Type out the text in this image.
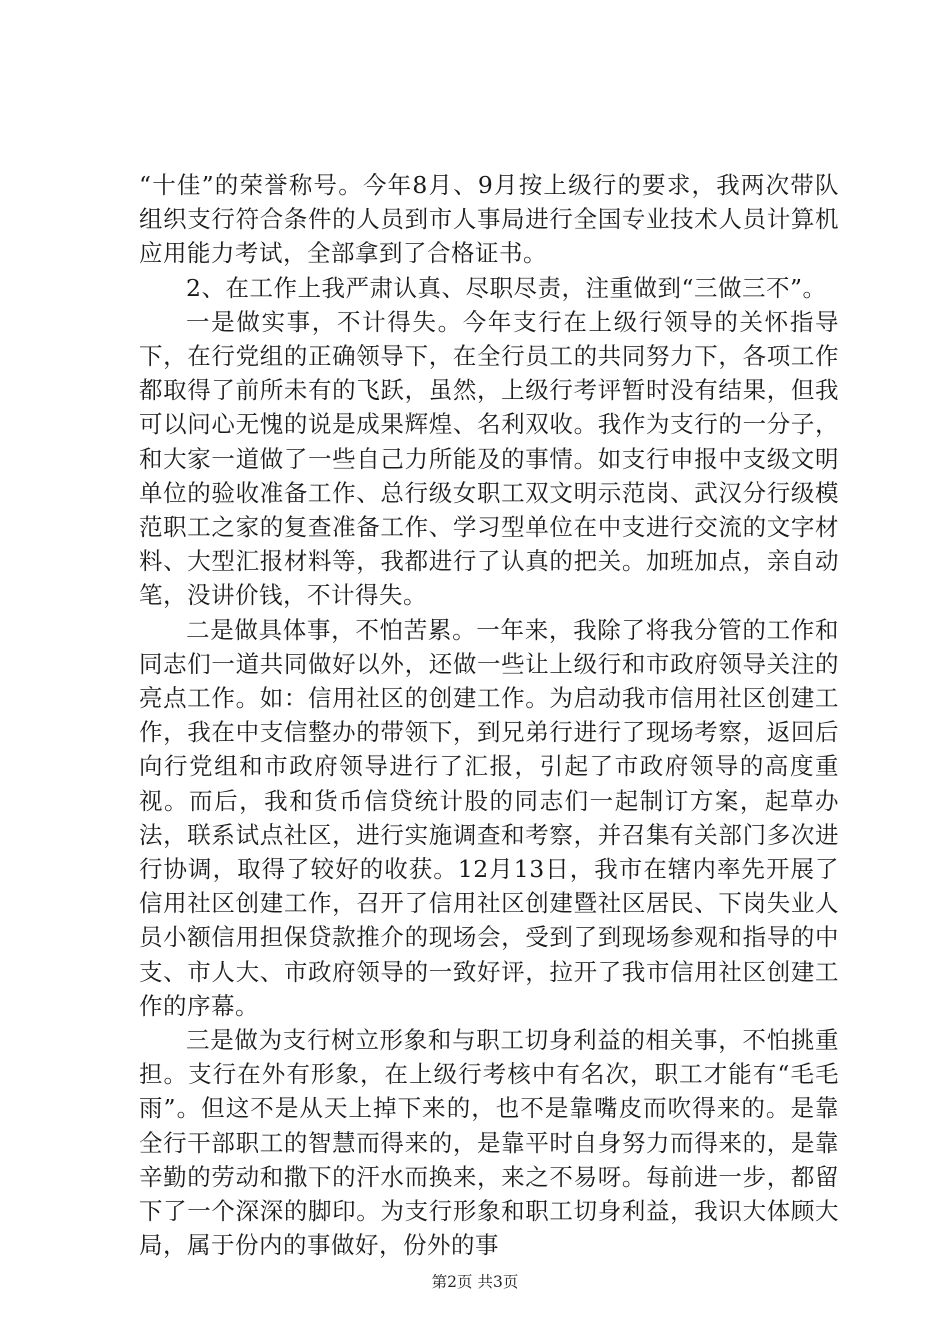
“十佳”的荣誉称号。今年8月、9月按上级行的要求，我两次带队组织支行符合条件的人员到市人事局进行全国专业技术人员计算机应用能力考试，全部拿到了合格证书。

2、在工作上我严肃认真、尽职尽责，注重做到“三做三不”。

一是做实事，不计得失。今年支行在上级行领导的关怀指导下，在行党组的正确领导下，在全行员工的共同努力下，各项工作都取得了前所未有的飞跃，虽然，上级行考评暂时没有结果，但我可以问心无愧的说是成果辉煌、名利双收。我作为支行的一分子，和大家一道做了一些自己力所能及的事情。如支行申报中支级文明单位的验收准备工作、总行级女职工双文明示范岗、武汉分行级模范职工之家的复查准备工作、学习型单位在中支进行交流的文字材料、大型汇报材料等，我都进行了认真的把关。加班加点，亲自动笔，没讲价钱，不计得失。

二是做具体事，不怕苦累。一年来，我除了将我分管的工作和同志们一道共同做好以外，还做一些让上级行和市政府领导关注的亮点工作。如：信用社区的创建工作。为启动我市信用社区创建工作，我在中支信整办的带领下，到兄弟行进行了现场考察，返回后向行党组和市政府领导进行了汇报，引起了市政府领导的高度重视。而后，我和货币信贷统计股的同志们一起制订方案，起草办法，联系试点社区，进行实施调查和考察，并召集有关部门多次进行协调，取得了较好的收获。12月13日，我市在辖内率先开展了信用社区创建工作，召开了信用社区创建暨社区居民、下岗失业人员小额信用担保贷款推介的现场会，受到了到现场参观和指导的中支、市人大、市政府领导的一致好评，拉开了我市信用社区创建工作的序幕。

三是做为支行树立形象和与职工切身利益的相关事，不怕挑重担。支行在外有形象，在上级行考核中有名次，职工才能有“毛毛雨”。但这不是从天上掉下来的，也不是靠嘴皮而吹得来的。是靠全行干部职工的智慧而得来的，是靠平时自身努力而得来的，是靠辛勤的劳动和撒下的汗水而换来，来之不易呀。每前进一步，都留下了一个深深的脚印。为支行形象和职工切身利益，我识大体顾大局，属于份内的事做好，份外的事

第2页 共3页
